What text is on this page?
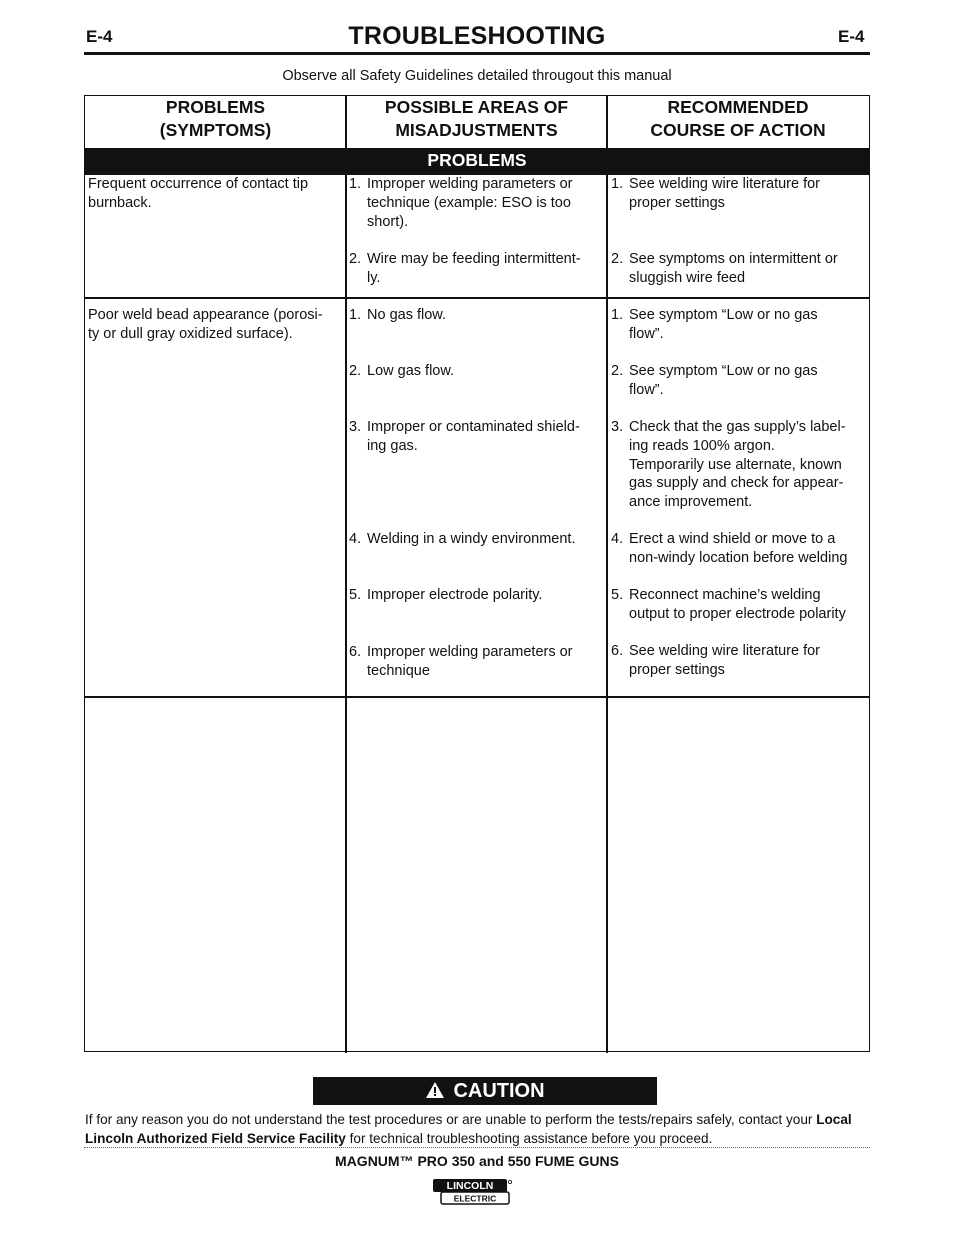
E-4	TROUBLESHOOTING	E-4
Observe all Safety Guidelines detailed througout this manual
PROBLEMS
(SYMPTOMS)
POSSIBLE AREAS OF
MISADJUSTMENTS
RECOMMENDED
COURSE OF ACTION
PROBLEMS
Frequent occurrence of contact tip
burnback.
1. Improper welding parameters or
technique (example: ESO is too
short).
2. Wire may be feeding intermittent-
ly.
1. See welding wire literature for
proper settings
2. See symptoms on intermittent or
sluggish wire feed
Poor weld bead appearance (porosi-
ty or dull gray oxidized surface).
1. No gas flow.
2. Low gas flow.
3. Improper or contaminated shield-
ing gas.
4. Welding in a windy environment.
5. Improper electrode polarity.
6. Improper welding parameters or
technique
1. See symptom “Low or no gas
flow”.
2. See symptom “Low or no gas
flow”.
3. Check that the gas supply’s label-
ing reads 100% argon.
Temporarily use alternate, known
gas supply and check for appear-
ance improvement.
4. Erect a wind shield or move to a
non-windy location before welding
5. Reconnect machine’s welding
output to proper electrode polarity
6. See welding wire literature for
proper settings
CAUTION
If for any reason you do not understand the test procedures or are unable to perform the tests/repairs safely, contact your Local Lincoln Authorized Field Service Facility for technical troubleshooting assistance before you proceed.
MAGNUM™ PRO 350 and 550 FUME GUNS
LINCOLN
ELECTRIC
